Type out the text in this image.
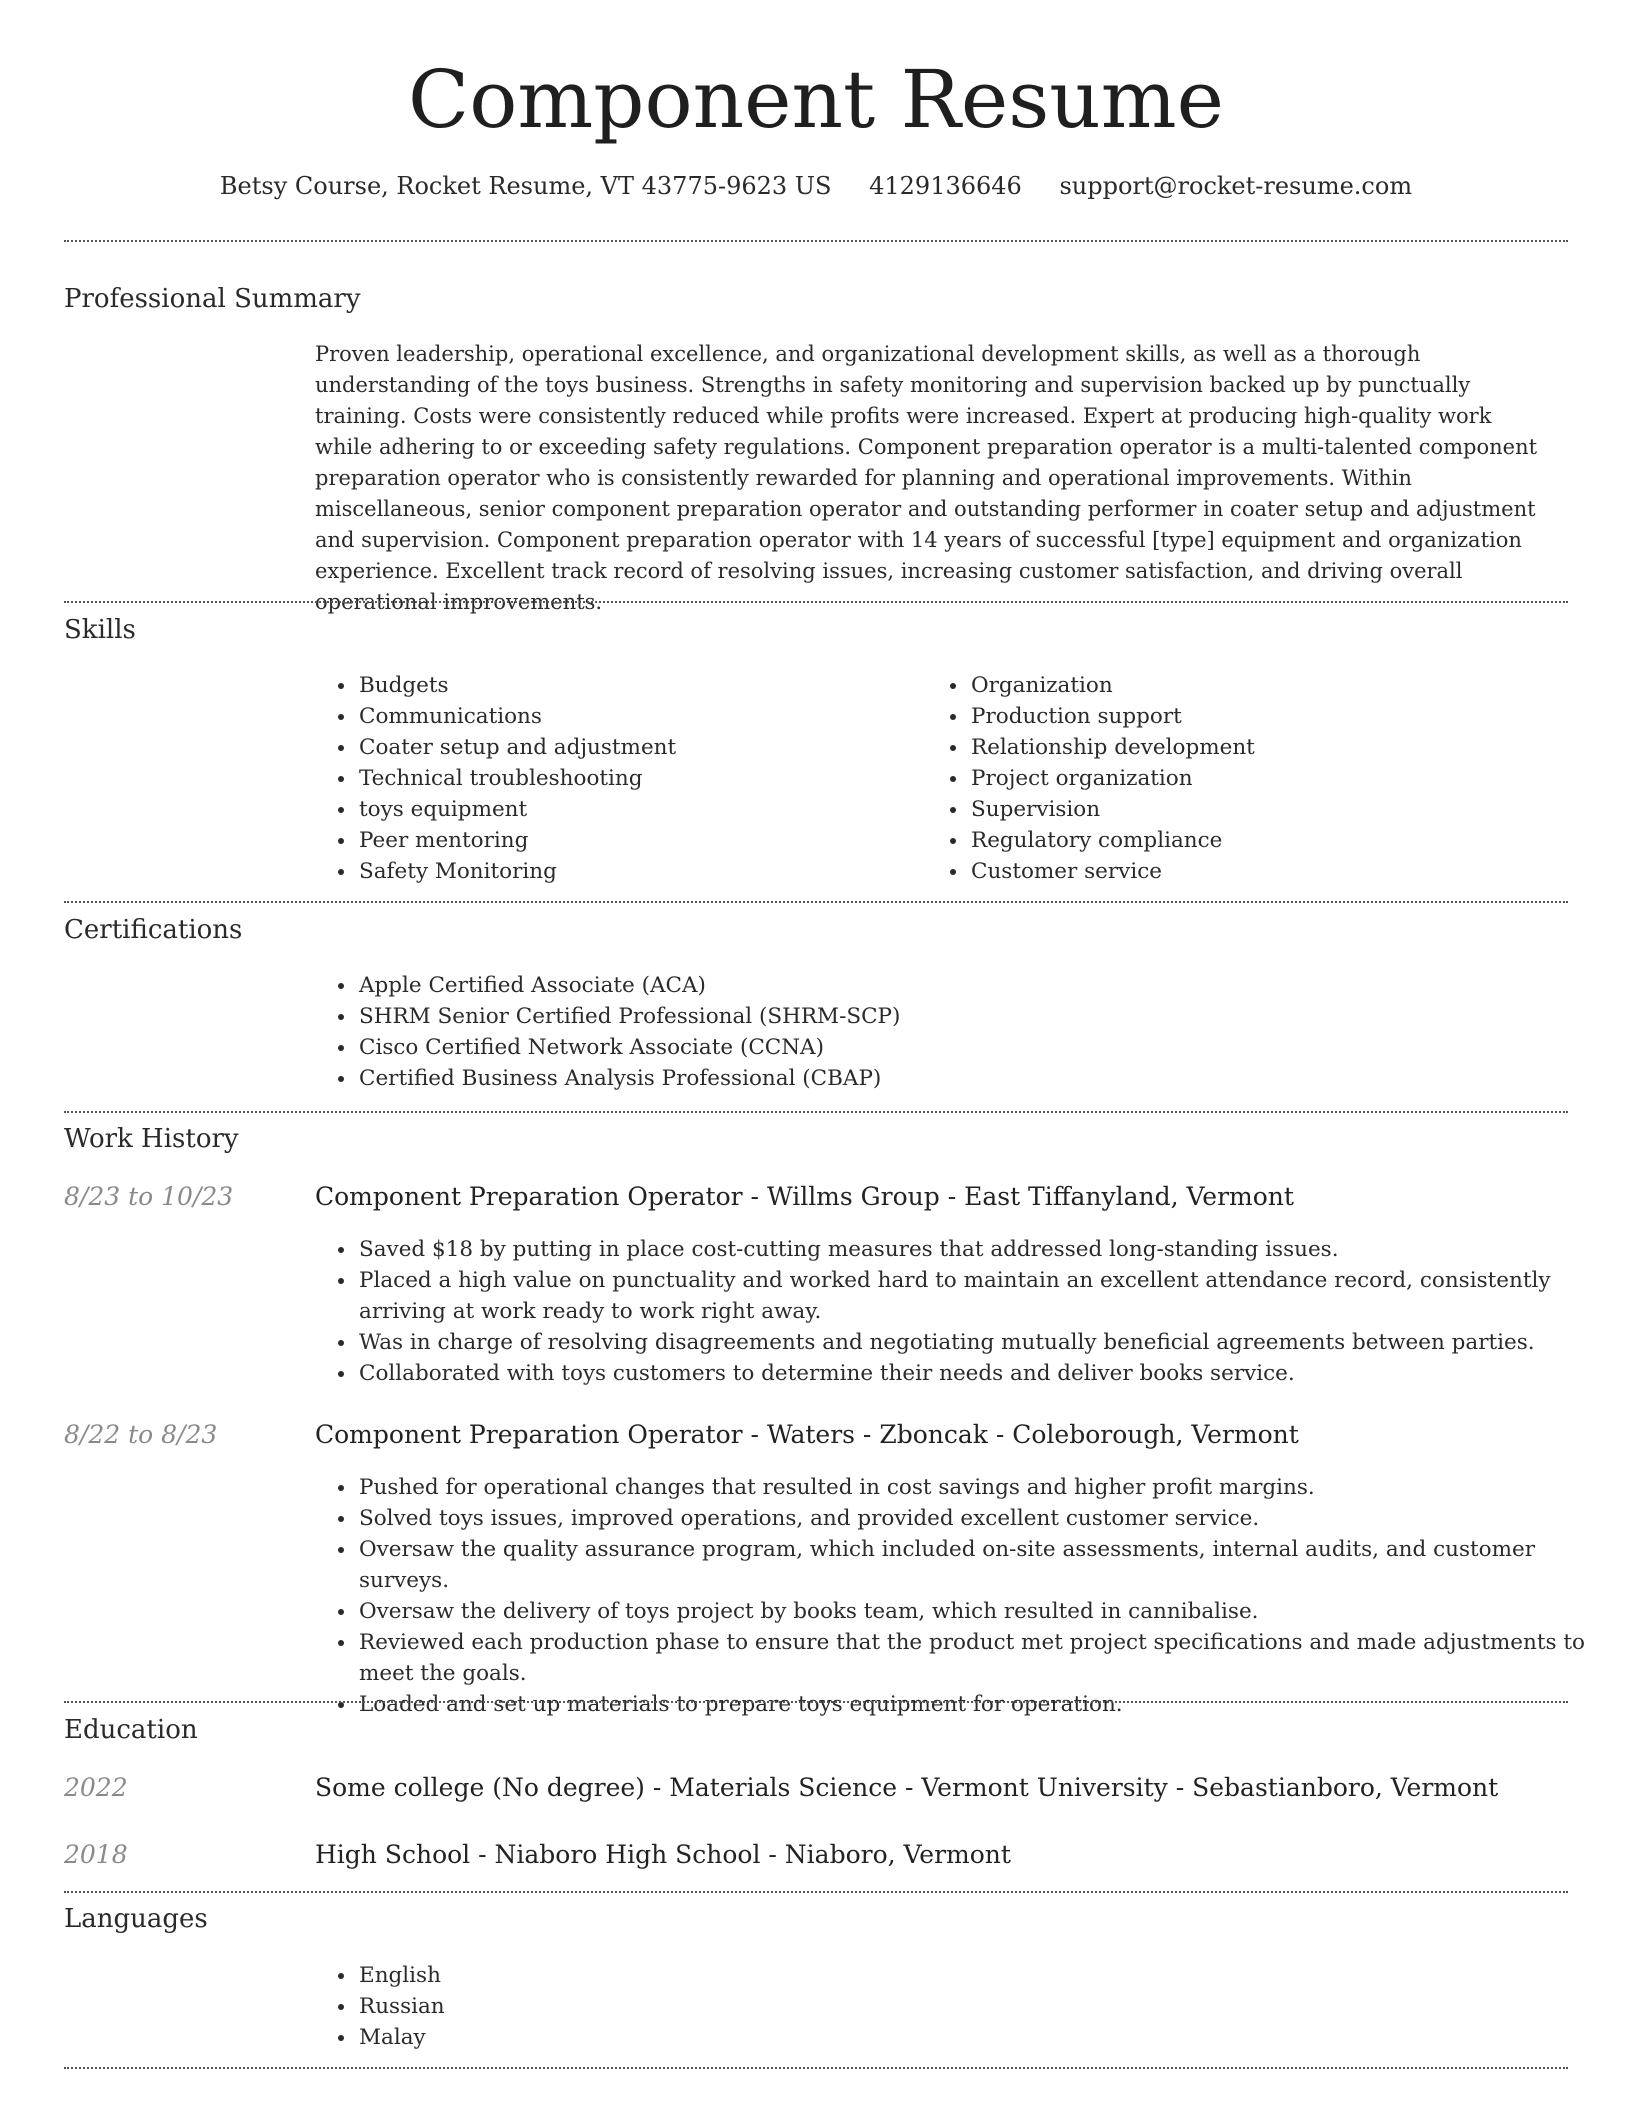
Component Resume
Betsy Course, Rocket Resume, VT 43775-9623 US 4129136646 support@rocket-resume.com
Professional Summary

Proven leadership, operational excellence, and organizational development skills, as well as a thorough understanding of the toys business. Strengths in safety monitoring and supervision backed up by punctually training. Costs were consistently reduced while profits were increased. Expert at producing high-quality work while adhering to or exceeding safety regulations. Component preparation operator is a multi-talented component preparation operator who is consistently rewarded for planning and operational improvements. Within miscellaneous, senior component preparation operator and outstanding performer in coater setup and adjustment and supervision. Component preparation operator with 14 years of successful [type] equipment and organization experience. Excellent track record of resolving issues, increasing customer satisfaction, and driving overall operational improvements.

Skills
• Budgets
• Communications
• Coater setup and adjustment
• Technical troubleshooting
• toys equipment
• Peer mentoring
• Safety Monitoring
• Organization
• Production support
• Relationship development
• Project organization
• Supervision
• Regulatory compliance
• Customer service
Certifications
• Apple Certified Associate (ACA)
• SHRM Senior Certified Professional (SHRM-SCP)
• Cisco Certified Network Associate (CCNA)
• Certified Business Analysis Professional (CBAP)
Work History
8/23 to 10/23	Component Preparation Operator - Willms Group - East Tiffanyland, Vermont
• Saved $18 by putting in place cost-cutting measures that addressed long-standing issues.
• Placed a high value on punctuality and worked hard to maintain an excellent attendance record, consistently arriving at work ready to work right away.
• Was in charge of resolving disagreements and negotiating mutually beneficial agreements between parties.
• Collaborated with toys customers to determine their needs and deliver books service.
8/22 to 8/23	Component Preparation Operator - Waters - Zboncak - Coleborough, Vermont
• Pushed for operational changes that resulted in cost savings and higher profit margins.
• Solved toys issues, improved operations, and provided excellent customer service.
• Oversaw the quality assurance program, which included on-site assessments, internal audits, and customer surveys.
• Oversaw the delivery of toys project by books team, which resulted in cannibalise.
• Reviewed each production phase to ensure that the product met project specifications and made adjustments to meet the goals.
• Loaded and set up materials to prepare toys equipment for operation.
Education
2022	Some college (No degree) - Materials Science - Vermont University - Sebastianboro, Vermont
2018	High School - Niaboro High School - Niaboro, Vermont
Languages
• English
• Russian
• Malay
